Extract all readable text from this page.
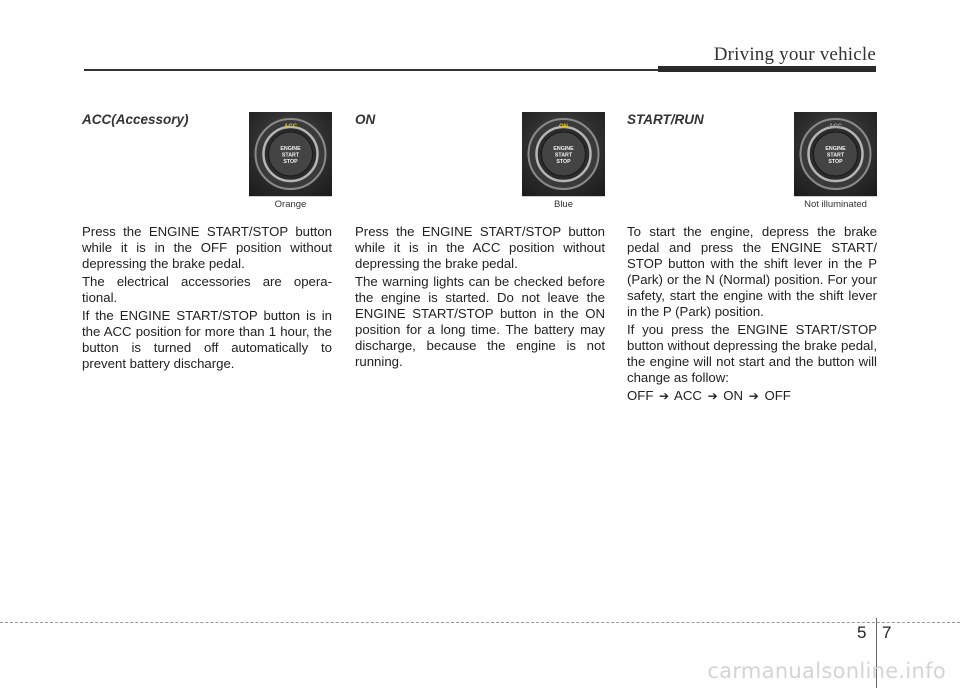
Driving your vehicle
ACC(Accessory)	ACC
ENGINE
START
STOP
Orange

Press the ENGINE START/STOP button while it is in the OFF position without depressing the brake pedal.

The electrical accessories are opera-tional.

If the ENGINE START/STOP button is in the ACC position for more than 1 hour, the button is turned off automatically to prevent battery discharge.

ON	ON
ENGINE
START
STOP
Blue

Press the ENGINE START/STOP button while it is in the ACC position without depressing the brake pedal.

The warning lights can be checked before the engine is started. Do not leave the ENGINE START/STOP button in the ON position for a long time. The battery may discharge, because the engine is not running.

START/RUN	ACC
ENGINE
START
STOP
Not illuminated

To start the engine, depress the brake pedal and press the ENGINE START/ STOP button with the shift lever in the P (Park) or the N (Normal) position. For your safety, start the engine with the shift lever in the P (Park) position.

If you press the ENGINE START/STOP button without depressing the brake pedal, the engine will not start and the button will change as follow:

OFF ➔ ACC ➔ ON ➔ OFF

5 7
carmanualsonline.info
